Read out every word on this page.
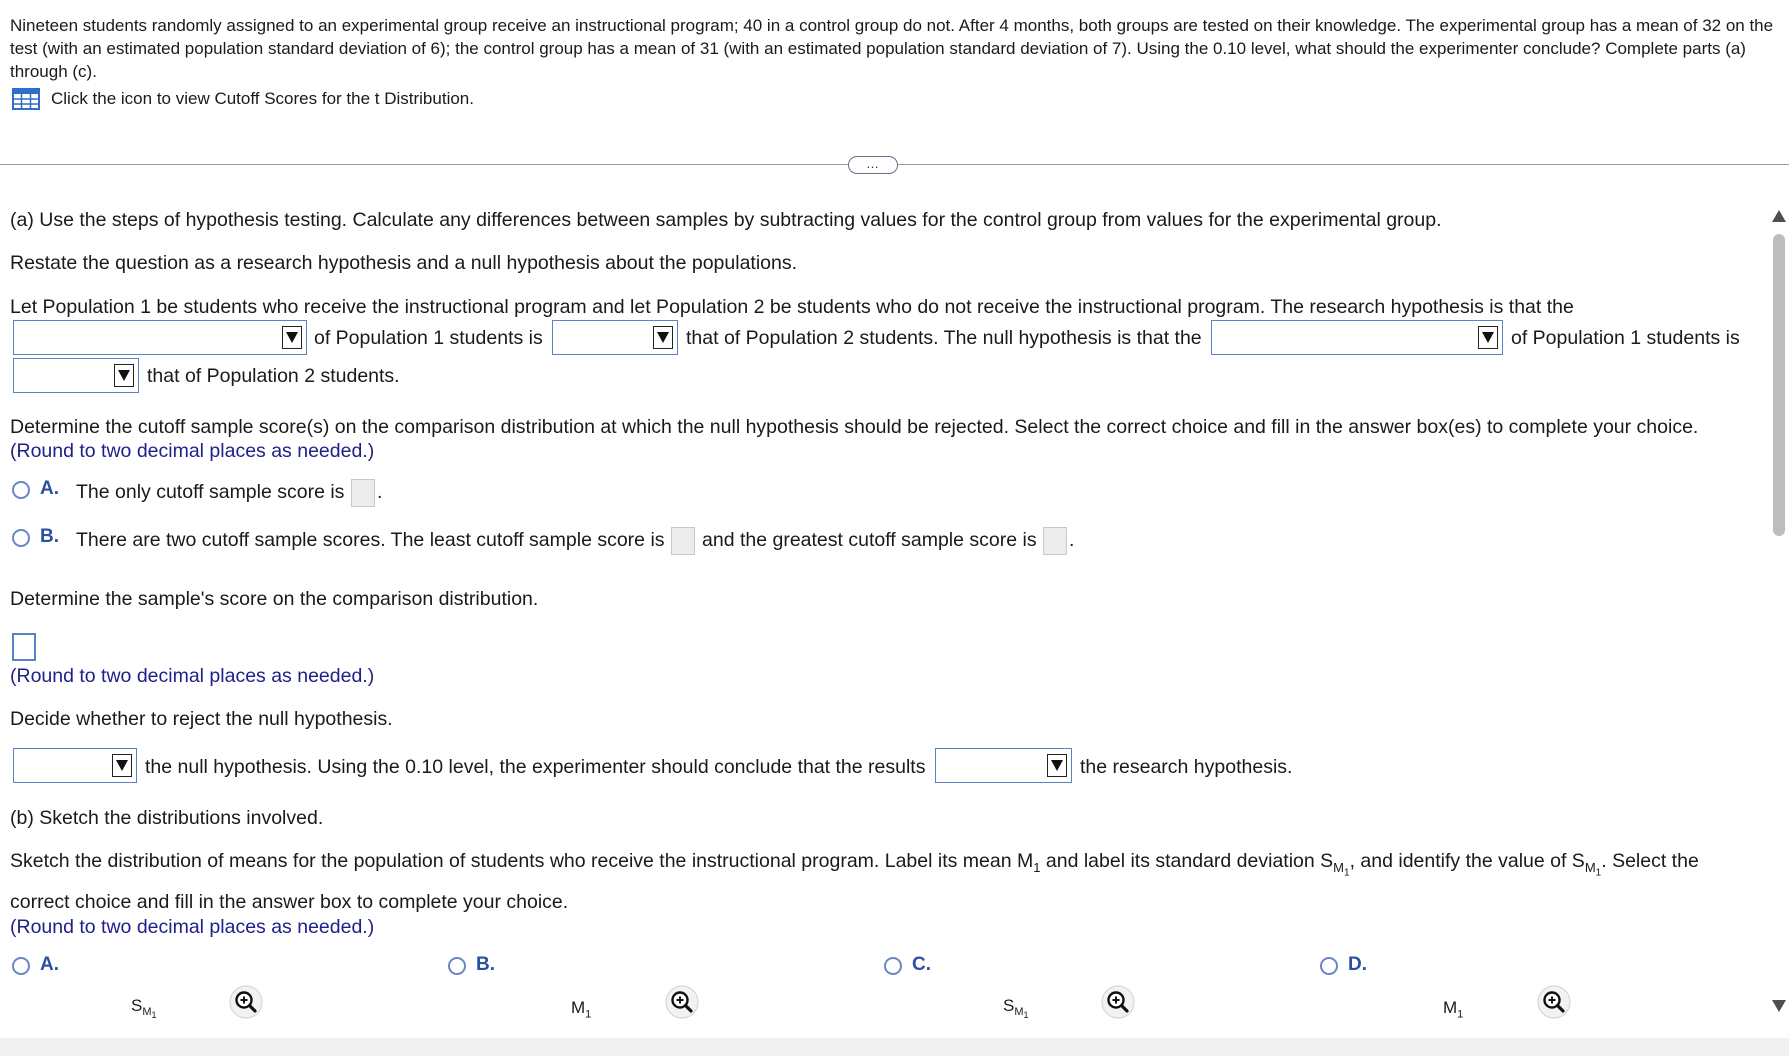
Nineteen students randomly assigned to an experimental group receive an instructional program; 40 in a control group do not. After 4 months, both groups are tested on their knowledge. The experimental group has a mean of 32 on the test (with an estimated population standard deviation of 6); the control group has a mean of 31 (with an estimated population standard deviation of 7). Using the 0.10 level, what should the experimenter conclude? Complete parts (a) through (c).
Click the icon to view Cutoff Scores for the t Distribution.
…
(a) Use the steps of hypothesis testing. Calculate any differences between samples by subtracting values for the control group from values for the experimental group.
Restate the question as a research hypothesis and a null hypothesis about the populations.
Let Population 1 be students who receive the instructional program and let Population 2 be students who do not receive the instructional program. The research hypothesis is that the
of Population 1 students is	that of Population 2 students. The null hypothesis is that the	of Population 1 students is
that of Population 2 students.
Determine the cutoff sample score(s) on the comparison distribution at which the null hypothesis should be rejected. Select the correct choice and fill in the answer box(es) to complete your choice.
(Round to two decimal places as needed.)
A. The only cutoff sample score is .
B. There are two cutoff sample scores. The least cutoff sample score is and the greatest cutoff sample score is .
Determine the sample's score on the comparison distribution.
(Round to two decimal places as needed.)
Decide whether to reject the null hypothesis.
the null hypothesis. Using the 0.10 level, the experimenter should conclude that the results	the research hypothesis.
(b) Sketch the distributions involved.
Sketch the distribution of means for the population of students who receive the instructional program. Label its mean $M_1$ and label its standard deviation $S_{M_1}$, and identify the value of $S_{M_1}$. Select the
correct choice and fill in the answer box to complete your choice.
(Round to two decimal places as needed.)
A.
$S_{M_1}$
B.
$M_1$
C.
$S_{M_1}$
D.
$M_1$
